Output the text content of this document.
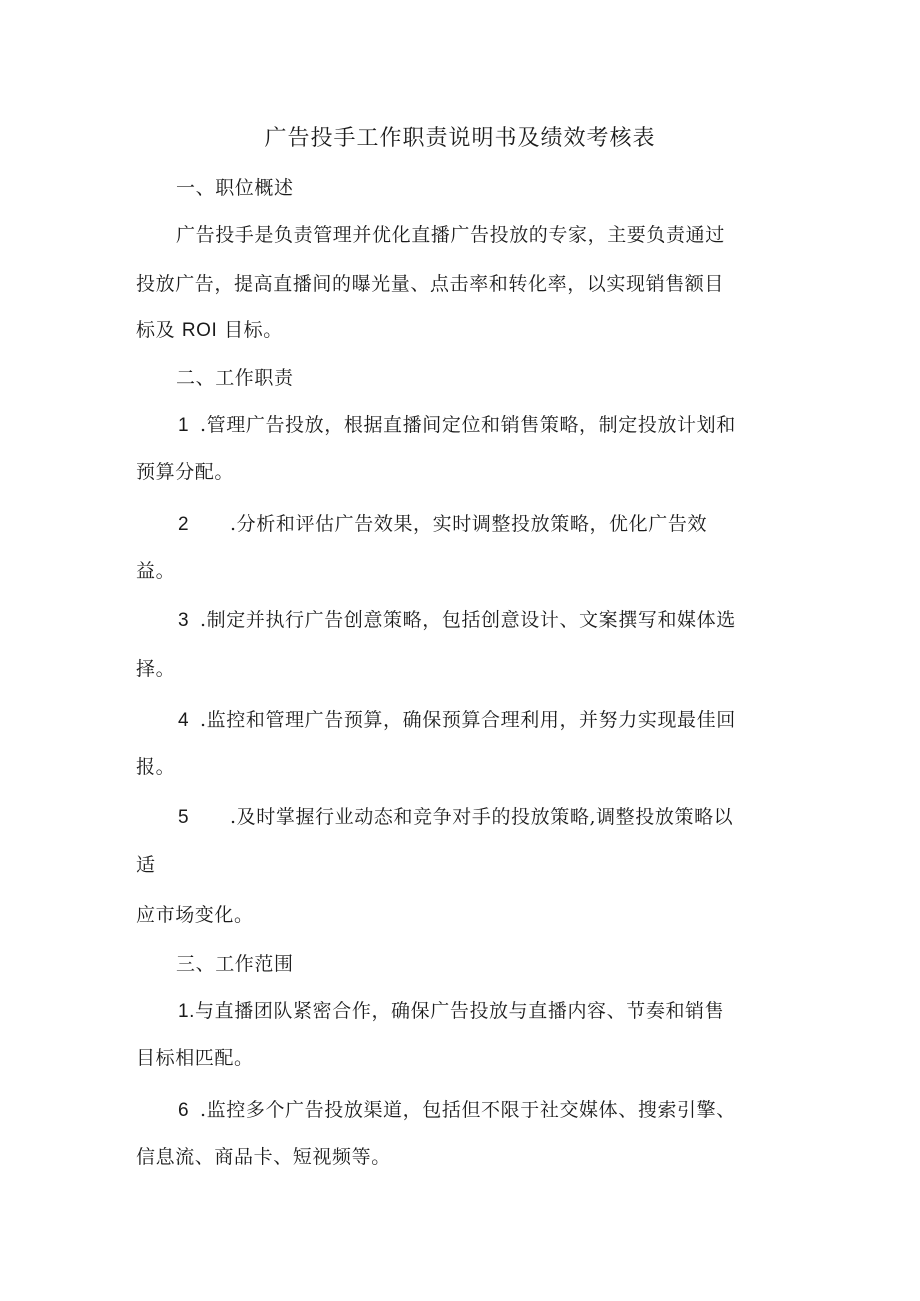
广告投手工作职责说明书及绩效考核表
一、职位概述
广告投手是负责管理并优化直播广告投放的专家，主要负责通过
投放广告，提高直播间的曝光量、点击率和转化率，以实现销售额目
标及 ROI 目标。
二、工作职责
1 .管理广告投放，根据直播间定位和销售策略，制定投放计划和
预算分配。
2 .分析和评估广告效果，实时调整投放策略，优化广告效
益。
3 .制定并执行广告创意策略，包括创意设计、文案撰写和媒体选
择。
4 .监控和管理广告预算，确保预算合理利用，并努力实现最佳回
报。
5 .及时掌握行业动态和竞争对手的投放策略,调整投放策略以
适
应市场变化。
三、工作范围
1.与直播团队紧密合作，确保广告投放与直播内容、节奏和销售
目标相匹配。
6 .监控多个广告投放渠道，包括但不限于社交媒体、搜索引擎、
信息流、商品卡、短视频等。
